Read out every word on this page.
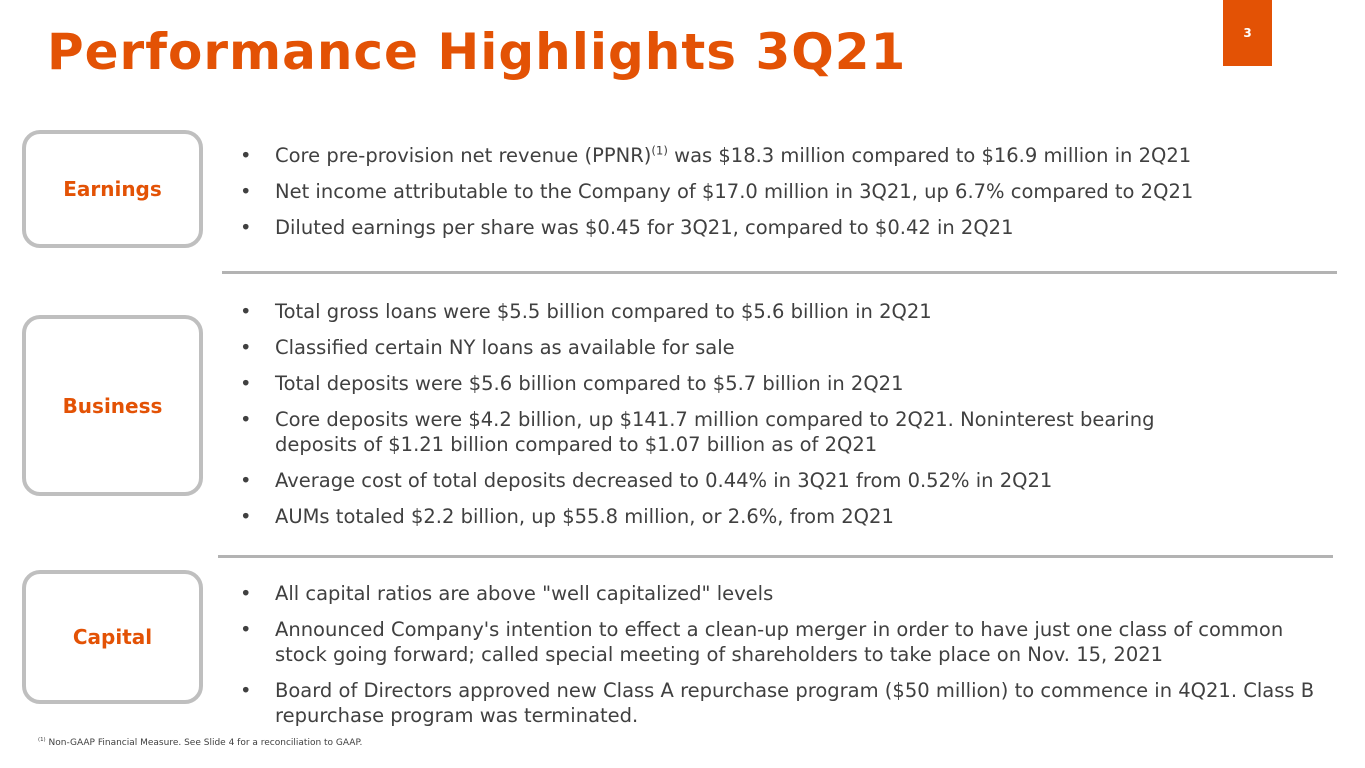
Performance Highlights 3Q21	3
Earnings
• Core pre-provision net revenue (PPNR)$^{(1)}$ was $18.3 million compared to $16.9 million in 2Q21
• Net income attributable to the Company of $17.0 million in 3Q21, up 6.7% compared to 2Q21
• Diluted earnings per share was $0.45 for 3Q21, compared to $0.42 in 2Q21
Business
• Total gross loans were $5.5 billion compared to $5.6 billion in 2Q21
• Classified certain NY loans as available for sale
• Total deposits were $5.6 billion compared to $5.7 billion in 2Q21
• Core deposits were $4.2 billion, up $141.7 million compared to 2Q21. Noninterest bearing deposits of $1.21 billion compared to $1.07 billion as of 2Q21
• Average cost of total deposits decreased to 0.44% in 3Q21 from 0.52% in 2Q21
• AUMs totaled $2.2 billion, up $55.8 million, or 2.6%, from 2Q21
Capital
• All capital ratios are above "well capitalized" levels
• Announced Company's intention to effect a clean-up merger in order to have just one class of common stock going forward; called special meeting of shareholders to take place on Nov. 15, 2021
• Board of Directors approved new Class A repurchase program ($50 million) to commence in 4Q21. Class B repurchase program was terminated.
$^{(1)}$ Non-GAAP Financial Measure. See Slide 4 for a reconciliation to GAAP.
